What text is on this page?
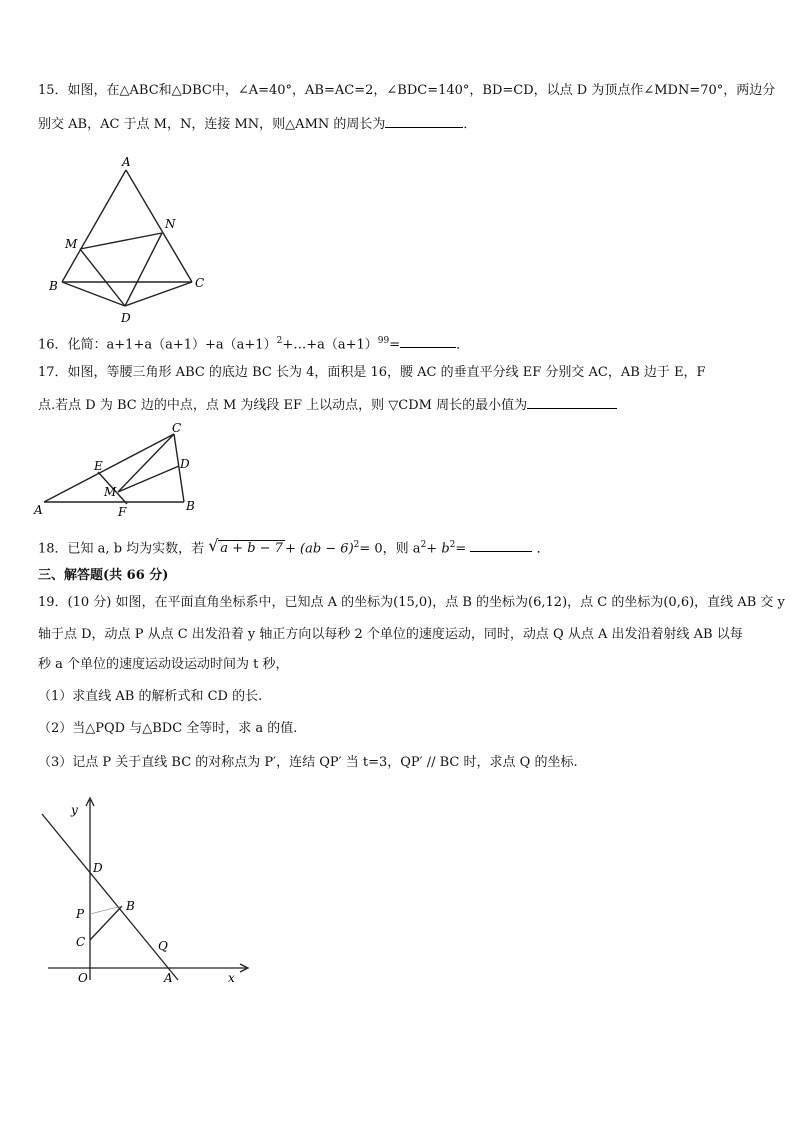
15．如图，在△ABC和△DBC中，∠A=40°，AB=AC=2，∠BDC=140°，BD=CD，以点 D 为顶点作∠MDN=70°，两边分
别交 AB，AC 于点 M，N，连接 MN，则△AMN 的周长为	．
A
B	C
D
M
N
16．化简：$a+1+a(a+1)+a(a+1)^2+\dots+a(a+1)^{99}=$	．
17．如图，等腰三角形 ABC 的底边 BC 长为 4，面积是 16，腰 AC 的垂直平分线 EF 分别交 AC，AB 边于 E，F
点.若点 D 为 BC 边的中点，点 M 为线段 EF 上以动点，则 ▽CDM 周长的最小值为
A	B
C
D
E
F
M
18．已知 a, b 均为实数，若 √ a + b − 7 + (ab − 6)$^2$= 0，则 $a^2+ b^2=$	．
三、解答题(共 66 分)
19．(10 分) 如图，在平面直角坐标系中，已知点 A 的坐标为(15,0)，点 B 的坐标为(6,12)，点 C 的坐标为(0,6)，直线 AB 交 y
轴于点 D，动点 P 从点 C 出发沿着 y 轴正方向以每秒 2 个单位的速度运动，同时，动点 Q 从点 A 出发沿着射线 AB 以每
秒 a 个单位的速度运动设运动时间为 t 秒，
（1）求直线 AB 的解析式和 CD 的长.
（2）当△PQD 与△BDC 全等时，求 a 的值.
（3）记点 P 关于直线 BC 的对称点为 P′，连结 QP′ 当 t=3，QP′ // BC 时，求点 Q 的坐标.
y
x
O	A
B
C
D
P
Q
